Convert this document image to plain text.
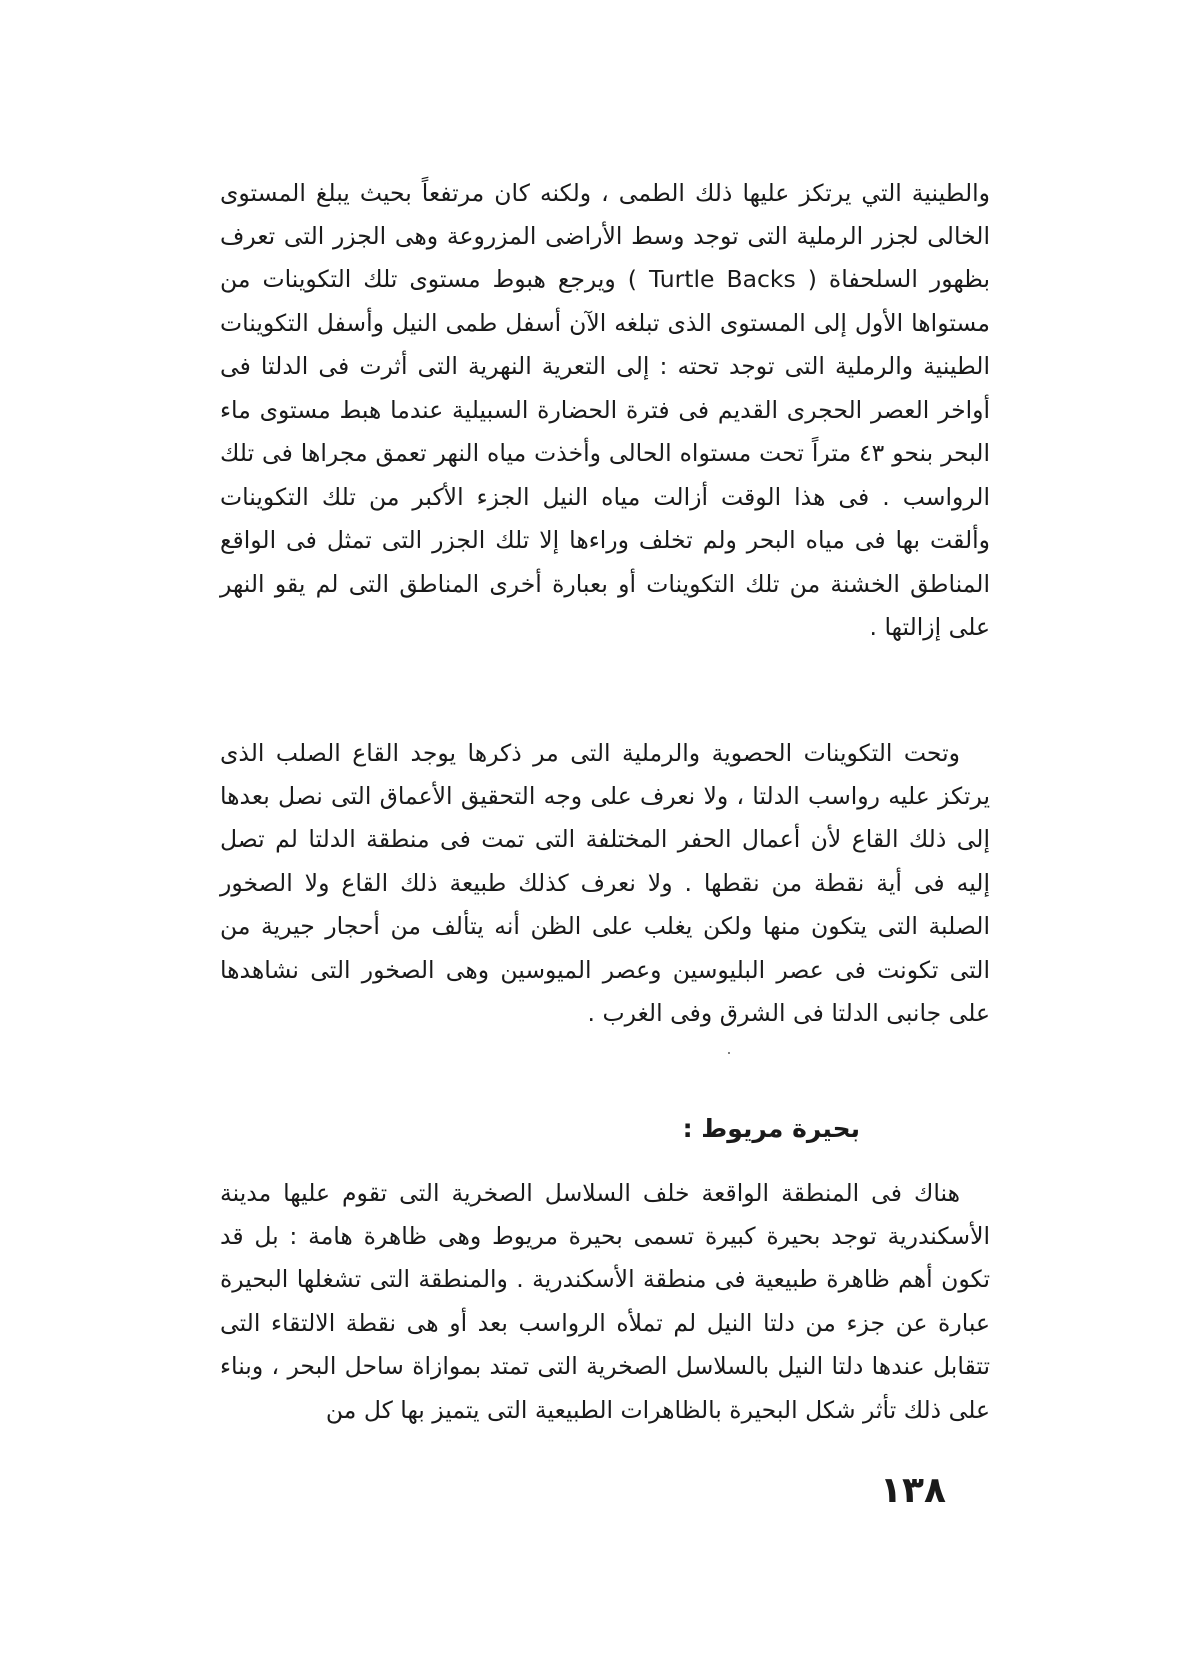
والطينية التي يرتكز عليها ذلك الطمى ، ولكنه كان مرتفعاً بحيث يبلغ المستوى الخالى لجزر الرملية التى توجد وسط الأراضى المزروعة وهى الجزر التى تعرف بظهور السلحفاة ( Turtle Backs ) ويرجع هبوط مستوى تلك التكوينات من مستواها الأول إلى المستوى الذى تبلغه الآن أسفل طمى النيل وأسفل التكوينات الطينية والرملية التى توجد تحته : إلى التعرية النهرية التى أثرت فى الدلتا فى أواخر العصر الحجرى القديم فى فترة الحضارة السبيلية عندما هبط مستوى ماء البحر بنحو ٤٣ متراً تحت مستواه الحالى وأخذت مياه النهر تعمق مجراها فى تلك الرواسب . فى هذا الوقت أزالت مياه النيل الجزء الأكبر من تلك التكوينات وألقت بها فى مياه البحر ولم تخلف وراءها إلا تلك الجزر التى تمثل فى الواقع المناطق الخشنة من تلك التكوينات أو بعبارة أخرى المناطق التى لم يقو النهر على إزالتها .

وتحت التكوينات الحصوية والرملية التى مر ذكرها يوجد القاع الصلب الذى يرتكز عليه رواسب الدلتا ، ولا نعرف على وجه التحقيق الأعماق التى نصل بعدها إلى ذلك القاع لأن أعمال الحفر المختلفة التى تمت فى منطقة الدلتا لم تصل إليه فى أية نقطة من نقطها . ولا نعرف كذلك طبيعة ذلك القاع ولا الصخور الصلبة التى يتكون منها ولكن يغلب على الظن أنه يتألف من أحجار جيرية من التى تكونت فى عصر البليوسين وعصر الميوسين وهى الصخور التى نشاهدها على جانبى الدلتا فى الشرق وفى الغرب .

بحيرة مريوط :

هناك فى المنطقة الواقعة خلف السلاسل الصخرية التى تقوم عليها مدينة الأسكندرية توجد بحيرة كبيرة تسمى بحيرة مريوط وهى ظاهرة هامة : بل قد تكون أهم ظاهرة طبيعية فى منطقة الأسكندرية . والمنطقة التى تشغلها البحيرة عبارة عن جزء من دلتا النيل لم تملأه الرواسب بعد أو هى نقطة الالتقاء التى تتقابل عندها دلتا النيل بالسلاسل الصخرية التى تمتد بموازاة ساحل البحر ، وبناء على ذلك تأثر شكل البحيرة بالظاهرات الطبيعية التى يتميز بها كل من

١٣٨
